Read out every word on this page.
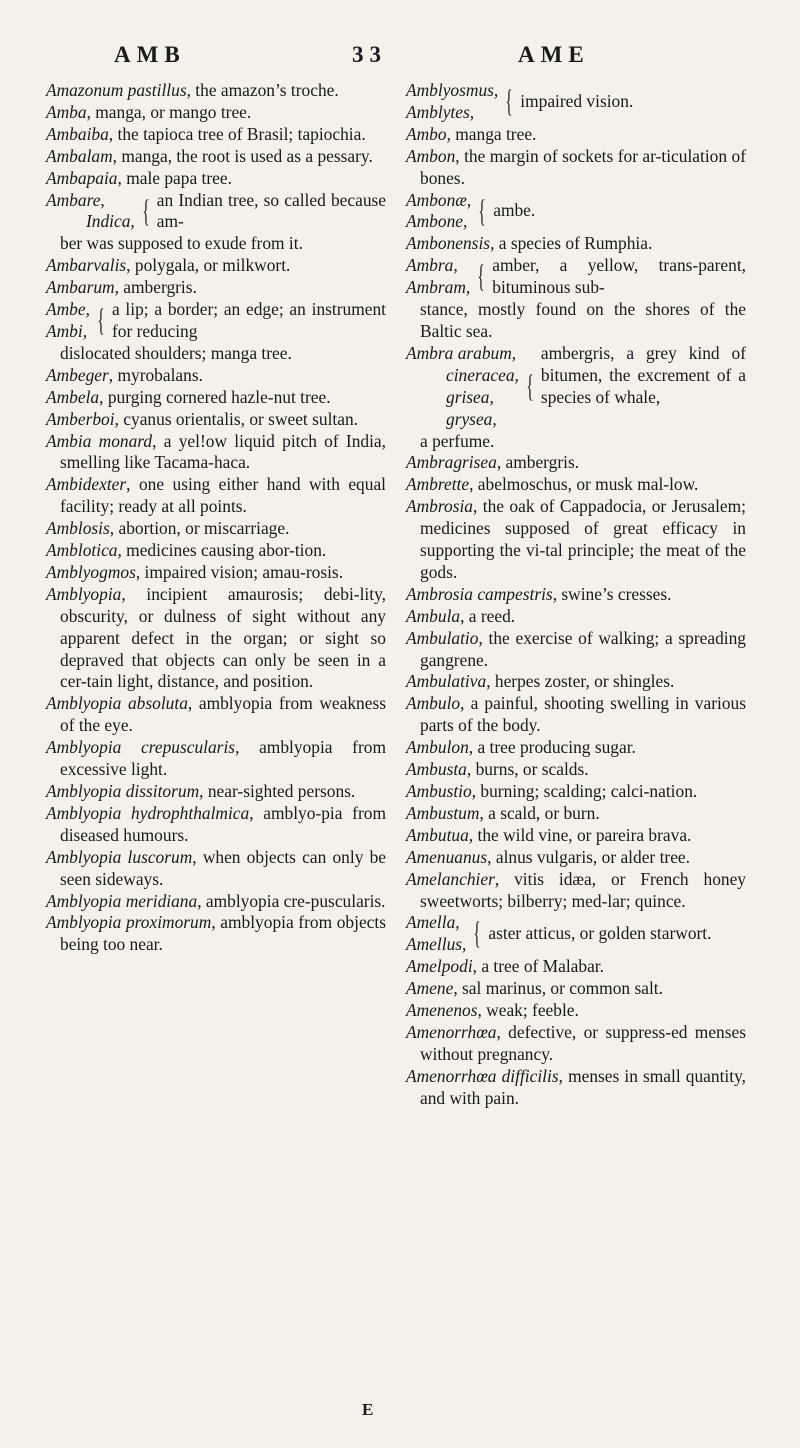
AMB	33	AME

Amazonum pastillus, the amazon’s troche.

Amba, manga, or mango tree.

Ambaiba, the tapioca tree of Brasil; tapiochia.

Ambalam, manga, the root is used as a pessary.

Ambapaia, male papa tree.

Ambare,
Indica, { an Indian tree, so called because am-
ber was supposed to exude from it.

Ambarvalis, polygala, or milkwort.

Ambarum, ambergris.

Ambe,
Ambi, { a lip; a border; an edge; an instrument for reducing
dislocated shoulders; manga tree.

Ambeger, myrobalans.

Ambela, purging cornered hazle-nut tree.

Amberboi, cyanus orientalis, or sweet sultan.

Ambia monard, a yel!ow liquid pitch of India, smelling like Tacama-haca.

Ambidexter, one using either hand with equal facility; ready at all points.

Amblosis, abortion, or miscarriage.

Amblotica, medicines causing abor-tion.

Amblyogmos, impaired vision; amau-rosis.

Amblyopia, incipient amaurosis; debi-lity, obscurity, or dulness of sight without any apparent defect in the organ; or sight so depraved that objects can only be seen in a cer-tain light, distance, and position.

Amblyopia absoluta, amblyopia from weakness of the eye.

Amblyopia crepuscularis, amblyopia from excessive light.

Amblyopia dissitorum, near-sighted persons.

Amblyopia hydrophthalmica, amblyo-pia from diseased humours.

Amblyopia luscorum, when objects can only be seen sideways.

Amblyopia meridiana, amblyopia cre-puscularis.

Amblyopia proximorum, amblyopia from objects being too near.

Amblyosmus,
Amblytes,	{ impaired vision.

Ambo, manga tree.

Ambon, the margin of sockets for ar-ticulation of bones.

Ambonæ,
Ambone, { ambe.

Ambonensis, a species of Rumphia.

Ambra,
Ambram, { amber, a yellow, trans-parent, bituminous sub-
stance, mostly found on the shores of the Baltic sea.
Ambra arabum,
cineracea,
grisea,
grysea,
{
ambergris, a grey kind of bitumen, the excrement of a species of whale,
a perfume.

Ambragrisea, ambergris.

Ambrette, abelmoschus, or musk mal-low.

Ambrosia, the oak of Cappadocia, or Jerusalem; medicines supposed of great efficacy in supporting the vi-tal principle; the meat of the gods.

Ambrosia campestris, swine’s cresses.

Ambula, a reed.

Ambulatio, the exercise of walking; a spreading gangrene.

Ambulativa, herpes zoster, or shingles.

Ambulo, a painful, shooting swelling in various parts of the body.

Ambulon, a tree producing sugar.

Ambusta, burns, or scalds.

Ambustio, burning; scalding; calci-nation.

Ambustum, a scald, or burn.

Ambutua, the wild vine, or pareira brava.

Amenuanus, alnus vulgaris, or alder tree.

Amelanchier, vitis idæa, or French honey sweetworts; bilberry; med-lar; quince.

Amella,
Amellus, { aster atticus, or golden starwort.

Amelpodi, a tree of Malabar.

Amene, sal marinus, or common salt.

Amenenos, weak; feeble.

Amenorrhœa, defective, or suppress-ed menses without pregnancy.

Amenorrhœa difficilis, menses in small quantity, and with pain.

E
